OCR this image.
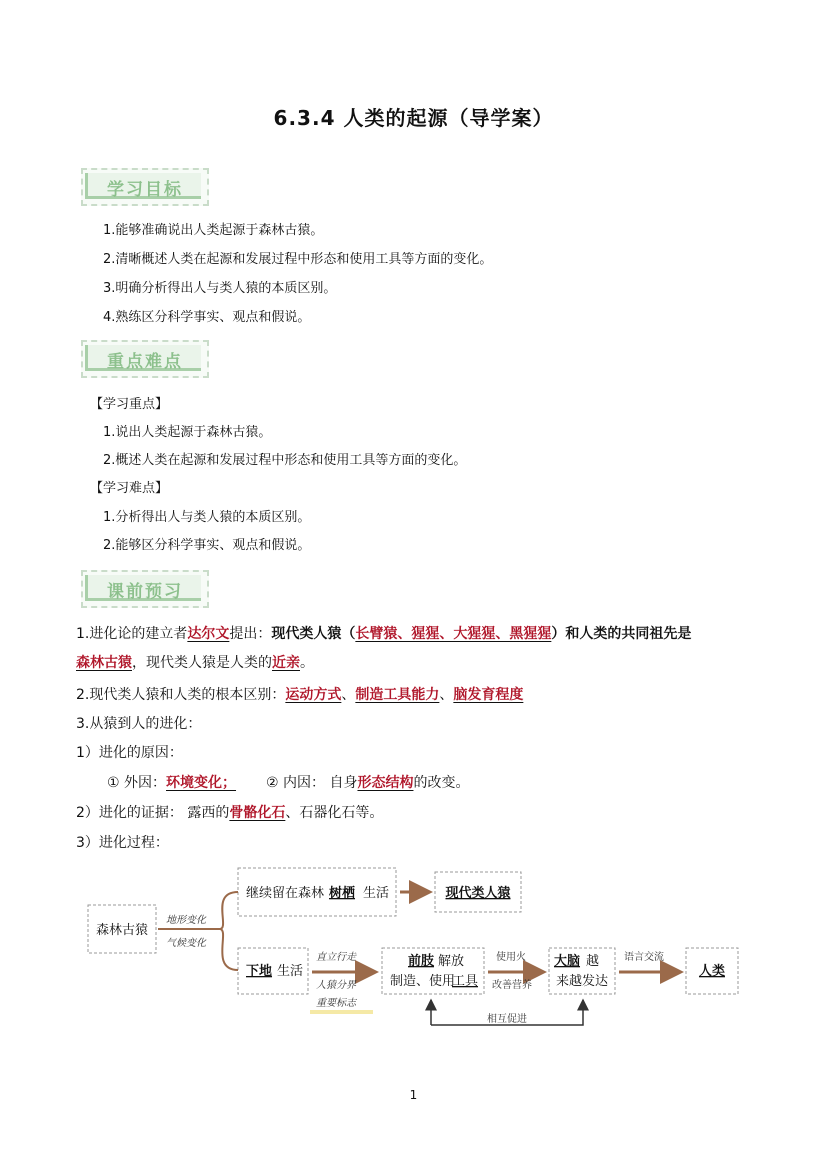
6.3.4 人类的起源（导学案）
学习目标
1.能够准确说出人类起源于森林古猿。
2.清晰概述人类在起源和发展过程中形态和使用工具等方面的变化。
3.明确分析得出人与类人猿的本质区别。
4.熟练区分科学事实、观点和假说。
重点难点
【学习重点】
1.说出人类起源于森林古猿。
2.概述人类在起源和发展过程中形态和使用工具等方面的变化。
【学习难点】
1.分析得出人与类人猿的本质区别。
2.能够区分科学事实、观点和假说。
课前预习
1.进化论的建立者达尔文提出：现代类人猿（长臂猿、猩猩、大猩猩、黑猩猩）和人类的共同祖先是
森林古猿，现代类人猿是人类的近亲。
2.现代类人猿和人类的根本区别：运动方式、制造工具能力、脑发育程度
3.从猿到人的进化：
1）进化的原因：
① 外因：环境变化； ② 内因： 自身形态结构的改变。
2）进化的证据： 露西的骨骼化石、石器化石等。
3）进化过程：
森林古猿
继续留在森林 树栖 生活	现代类人猿
下地 生活
前肢 解放
制造、使用
工具
大脑 越
来越发达
人类
地形变化
气候变化
直立行走
人猿分界
重要标志
使用火
改善营养
语言交流
相互促进
1
